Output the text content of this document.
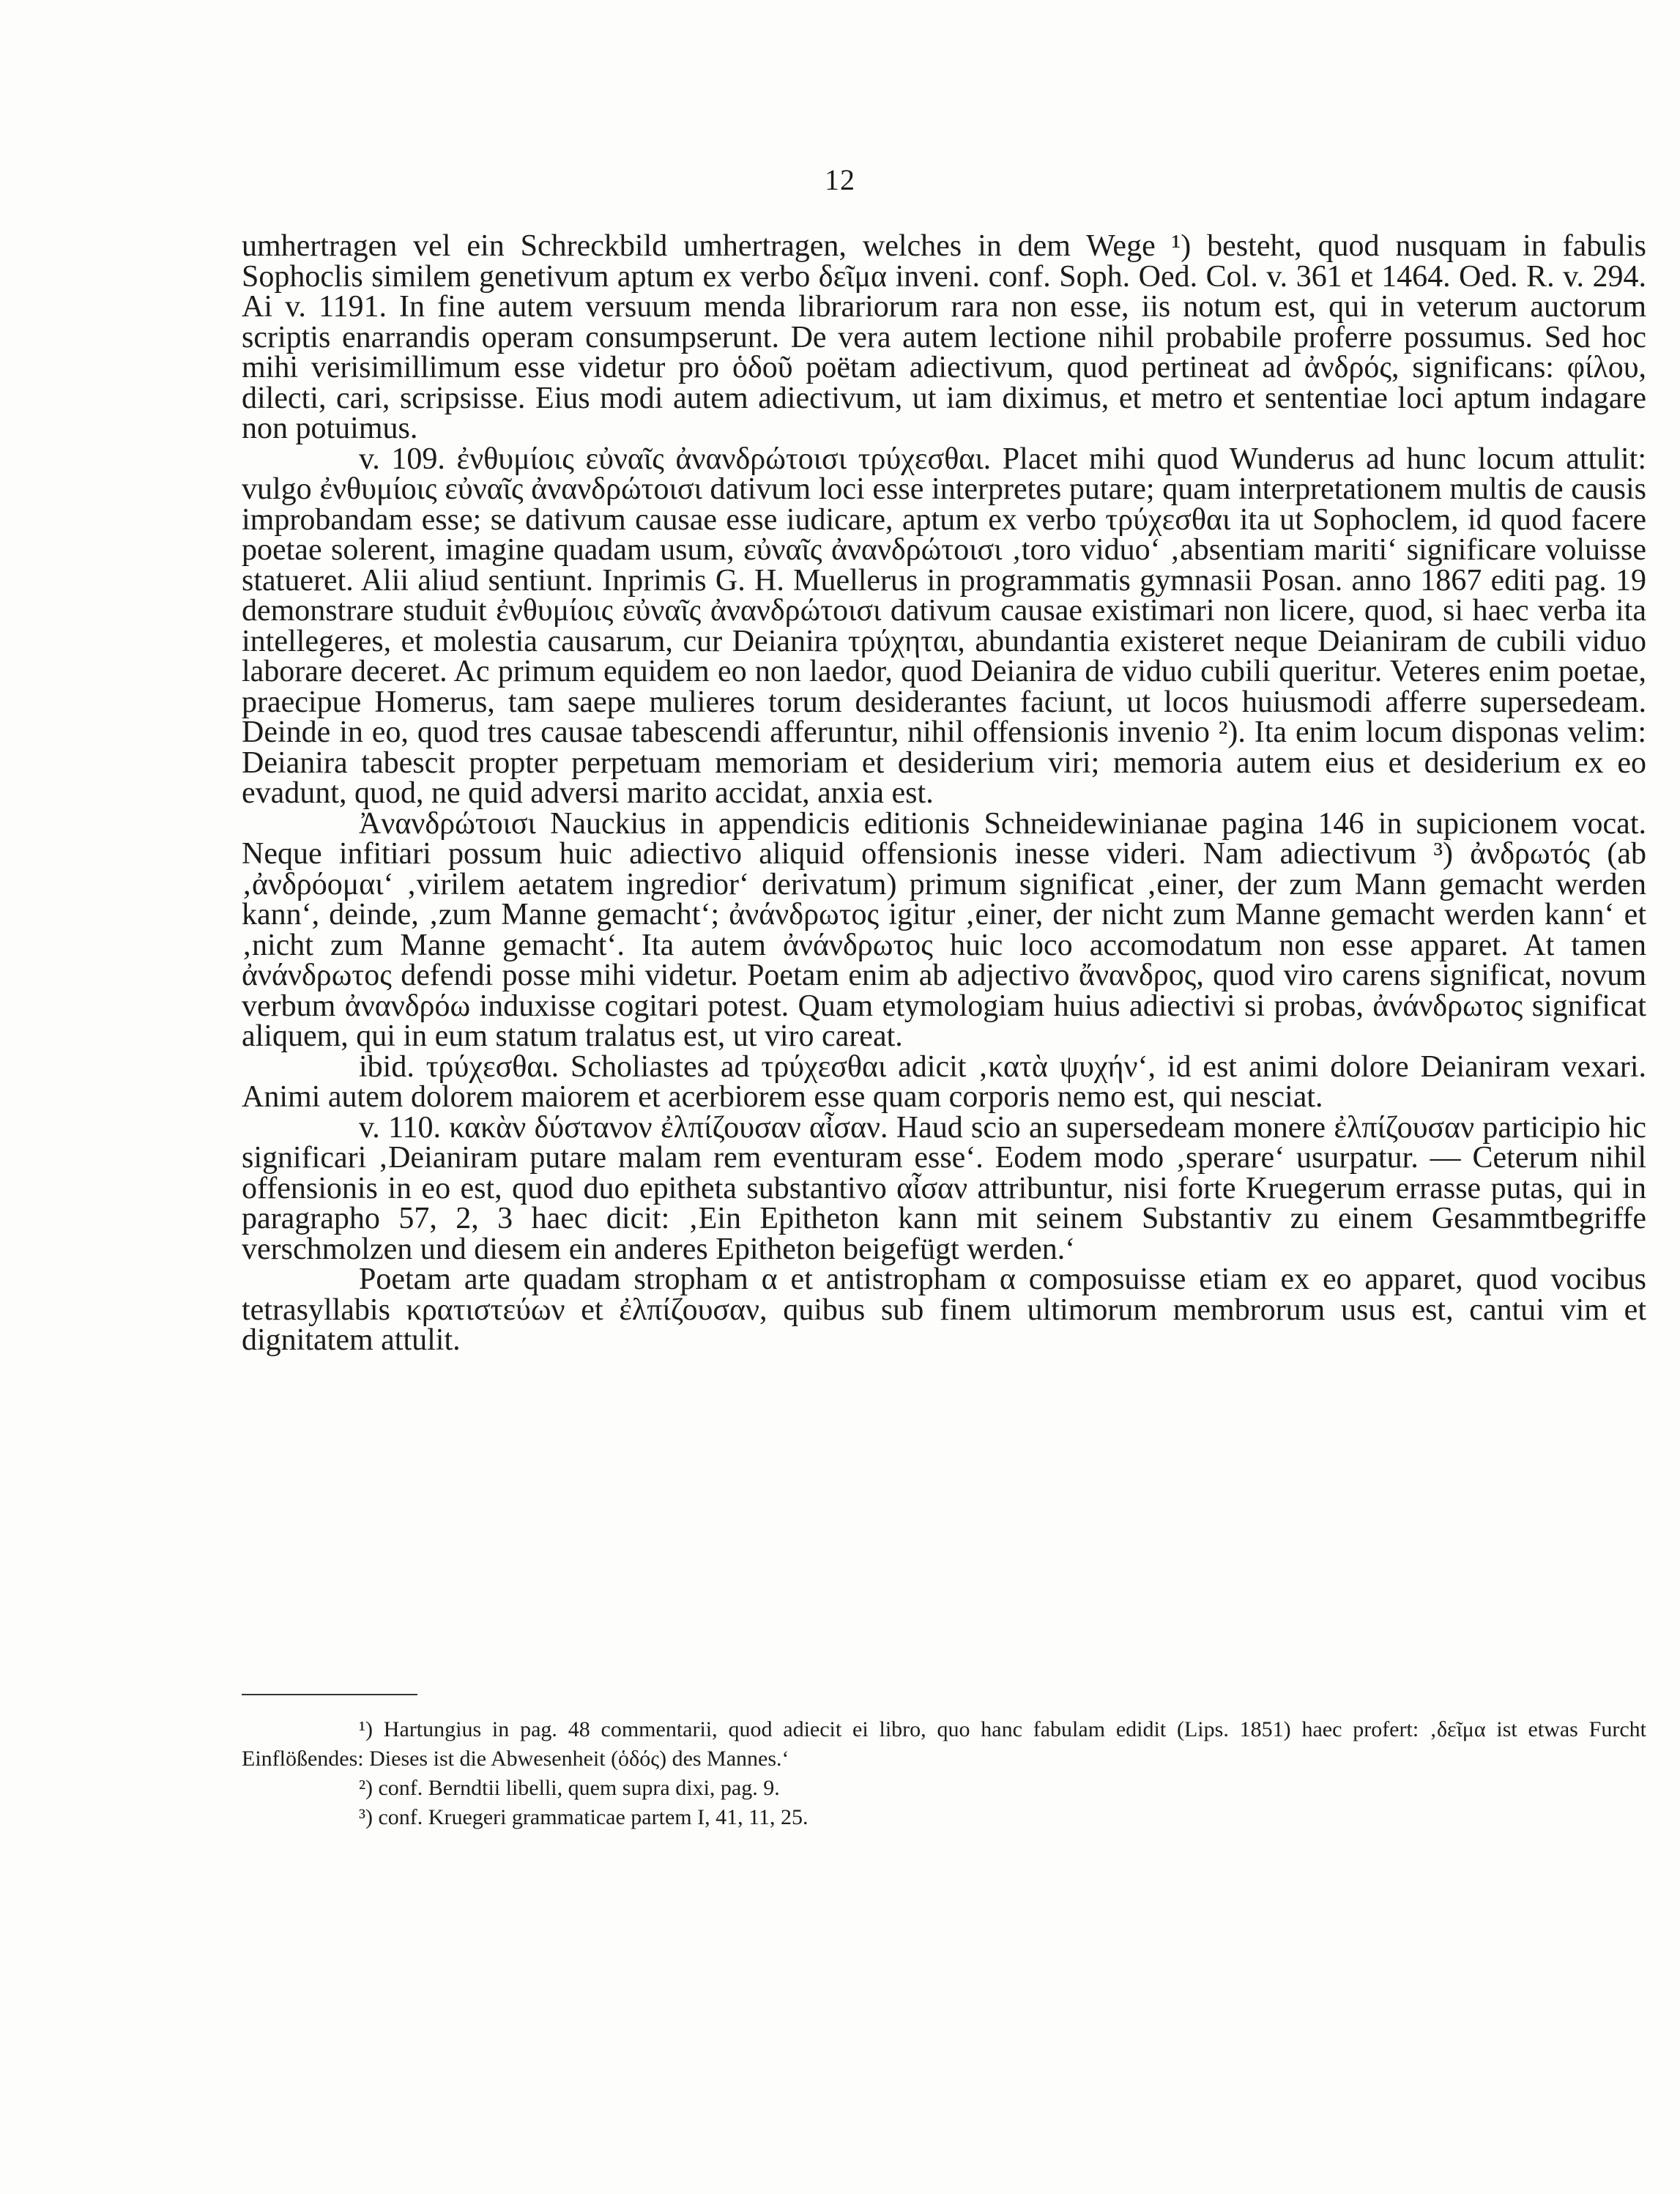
12

umhertragen vel ein Schreckbild umhertragen, welches in dem Wege ¹) besteht, quod nusquam in fabulis Sophoclis similem genetivum aptum ex verbo δεῖμα inveni. conf. Soph. Oed. Col. v. 361 et 1464. Oed. R. v. 294. Ai v. 1191. In fine autem versuum menda librariorum rara non esse, iis notum est, qui in veterum auctorum scriptis enarrandis operam consumpserunt. De vera autem lectione nihil probabile proferre possumus. Sed hoc mihi verisimillimum esse videtur pro ὁδοῦ poëtam adiectivum, quod pertineat ad ἀνδρός, significans: φίλου, dilecti, cari, scripsisse. Eius modi autem adiectivum, ut iam diximus, et metro et sententiae loci aptum indagare non potuimus.

v. 109. ἐνθυμίοις εὐναῖς ἀνανδρώτοισι τρύχεσθαι. Placet mihi quod Wunderus ad hunc locum attulit: vulgo ἐνθυμίοις εὐναῖς ἀνανδρώτοισι dativum loci esse interpretes putare; quam interpretationem multis de causis improbandam esse; se dativum causae esse iudicare, aptum ex verbo τρύχεσθαι ita ut Sophoclem, id quod facere poetae solerent, imagine quadam usum, εὐναῖς ἀνανδρώτοισι ‚toro viduo‘ ‚absentiam mariti‘ significare voluisse statueret. Alii aliud sentiunt. Inprimis G. H. Muellerus in programmatis gymnasii Posan. anno 1867 editi pag. 19 demonstrare studuit ἐνθυμίοις εὐναῖς ἀνανδρώτοισι dativum causae existimari non licere, quod, si haec verba ita intellegeres, et molestia causarum, cur Deianira τρύχηται, abundantia existeret neque Deianiram de cubili viduo laborare deceret. Ac primum equidem eo non laedor, quod Deianira de viduo cubili queritur. Veteres enim poetae, praecipue Homerus, tam saepe mulieres torum desiderantes faciunt, ut locos huiusmodi afferre supersedeam. Deinde in eo, quod tres causae tabescendi afferuntur, nihil offensionis invenio ²). Ita enim locum disponas velim: Deianira tabescit propter perpetuam memoriam et desiderium viri; memoria autem eius et desiderium ex eo evadunt, quod, ne quid adversi marito accidat, anxia est.

Ἀνανδρώτοισι Nauckius in appendicis editionis Schneidewinianae pagina 146 in supicionem vocat. Neque infitiari possum huic adiectivo aliquid offensionis inesse videri. Nam adiectivum ³) ἀνδρωτός (ab ‚ἀνδρόομαι‘ ‚virilem aetatem ingredior‘ derivatum) primum significat ‚einer, der zum Mann gemacht werden kann‘, deinde, ‚zum Manne gemacht‘; ἀνάνδρωτος igitur ‚einer, der nicht zum Manne gemacht werden kann‘ et ‚nicht zum Manne gemacht‘. Ita autem ἀνάνδρωτος huic loco accomodatum non esse apparet. At tamen ἀνάνδρωτος defendi posse mihi videtur. Poetam enim ab adjectivo ἄνανδρος, quod viro carens significat, novum verbum ἀνανδρόω induxisse cogitari potest. Quam etymologiam huius adiectivi si probas, ἀνάνδρωτος significat aliquem, qui in eum statum tralatus est, ut viro careat.

ibid. τρύχεσθαι. Scholiastes ad τρύχεσθαι adicit ‚κατὰ ψυχήν‘, id est animi dolore Deianiram vexari. Animi autem dolorem maiorem et acerbiorem esse quam corporis nemo est, qui nesciat.

v. 110. κακὰν δύστανον ἐλπίζουσαν αἶσαν. Haud scio an supersedeam monere ἐλπίζουσαν participio hic significari ‚Deianiram putare malam rem eventuram esse‘. Eodem modo ‚sperare‘ usurpatur. — Ceterum nihil offensionis in eo est, quod duo epitheta substantivo αἶσαν attribuntur, nisi forte Kruegerum errasse putas, qui in paragrapho 57, 2, 3 haec dicit: ‚Ein Epitheton kann mit seinem Substantiv zu einem Gesammtbegriffe verschmolzen und diesem ein anderes Epitheton beigefügt werden.‘

Poetam arte quadam stropham α et antistropham α composuisse etiam ex eo apparet, quod vocibus tetrasyllabis κρατιστεύων et ἐλπίζουσαν, quibus sub finem ultimorum membrorum usus est, cantui vim et dignitatem attulit.

¹) Hartungius in pag. 48 commentarii, quod adiecit ei libro, quo hanc fabulam edidit (Lips. 1851) haec profert: ‚δεῖμα ist etwas Furcht Einflößendes: Dieses ist die Abwesenheit (ὁδός) des Mannes.‘

²) conf. Berndtii libelli, quem supra dixi, pag. 9.

³) conf. Kruegeri grammaticae partem I, 41, 11, 25.
